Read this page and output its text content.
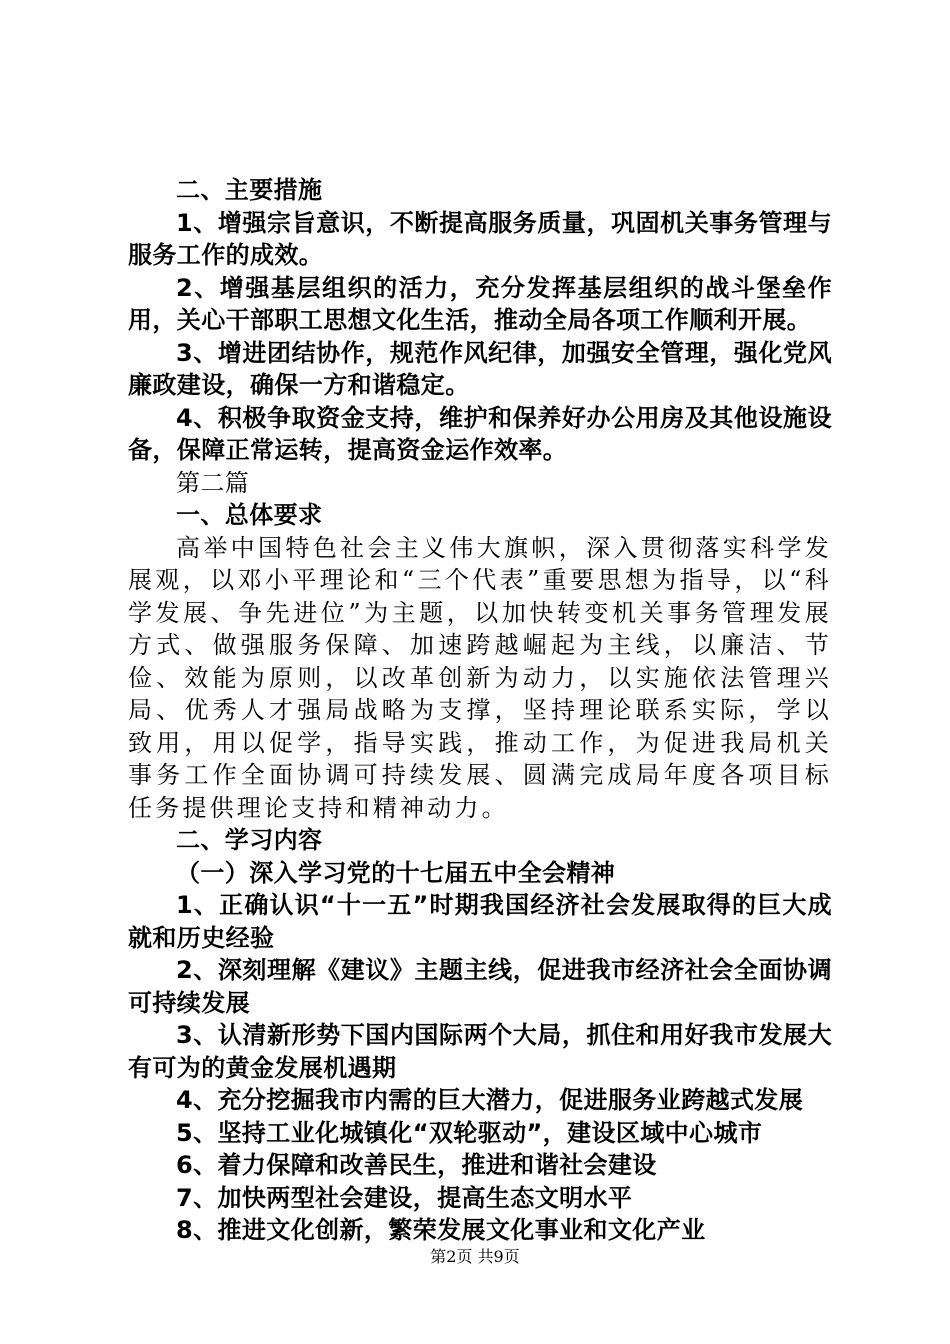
二、主要措施

1、增强宗旨意识，不断提高服务质量，巩固机关事务管理与服务工作的成效。

2、增强基层组织的活力，充分发挥基层组织的战斗堡垒作用，关心干部职工思想文化生活，推动全局各项工作顺利开展。

3、增进团结协作，规范作风纪律，加强安全管理，强化党风廉政建设，确保一方和谐稳定。

4、积极争取资金支持，维护和保养好办公用房及其他设施设备，保障正常运转，提高资金运作效率。

第二篇

一、总体要求

高举中国特色社会主义伟大旗帜，深入贯彻落实科学发展观，以邓小平理论和“三个代表”重要思想为指导，以“科学发展、争先进位”为主题，以加快转变机关事务管理发展方式、做强服务保障、加速跨越崛起为主线，以廉洁、节俭、效能为原则，以改革创新为动力，以实施依法管理兴局、优秀人才强局战略为支撑，坚持理论联系实际，学以致用，用以促学，指导实践，推动工作，为促进我局机关事务工作全面协调可持续发展、圆满完成局年度各项目标任务提供理论支持和精神动力。

二、学习内容

（一）深入学习党的十七届五中全会精神

1、正确认识“十一五”时期我国经济社会发展取得的巨大成就和历史经验

2、深刻理解《建议》主题主线，促进我市经济社会全面协调可持续发展

3、认清新形势下国内国际两个大局，抓住和用好我市发展大有可为的黄金发展机遇期

4、充分挖掘我市内需的巨大潜力，促进服务业跨越式发展

5、坚持工业化城镇化“双轮驱动”，建设区域中心城市

6、着力保障和改善民生，推进和谐社会建设

7、加快两型社会建设，提高生态文明水平

8、推进文化创新，繁荣发展文化事业和文化产业

第2页 共9页
